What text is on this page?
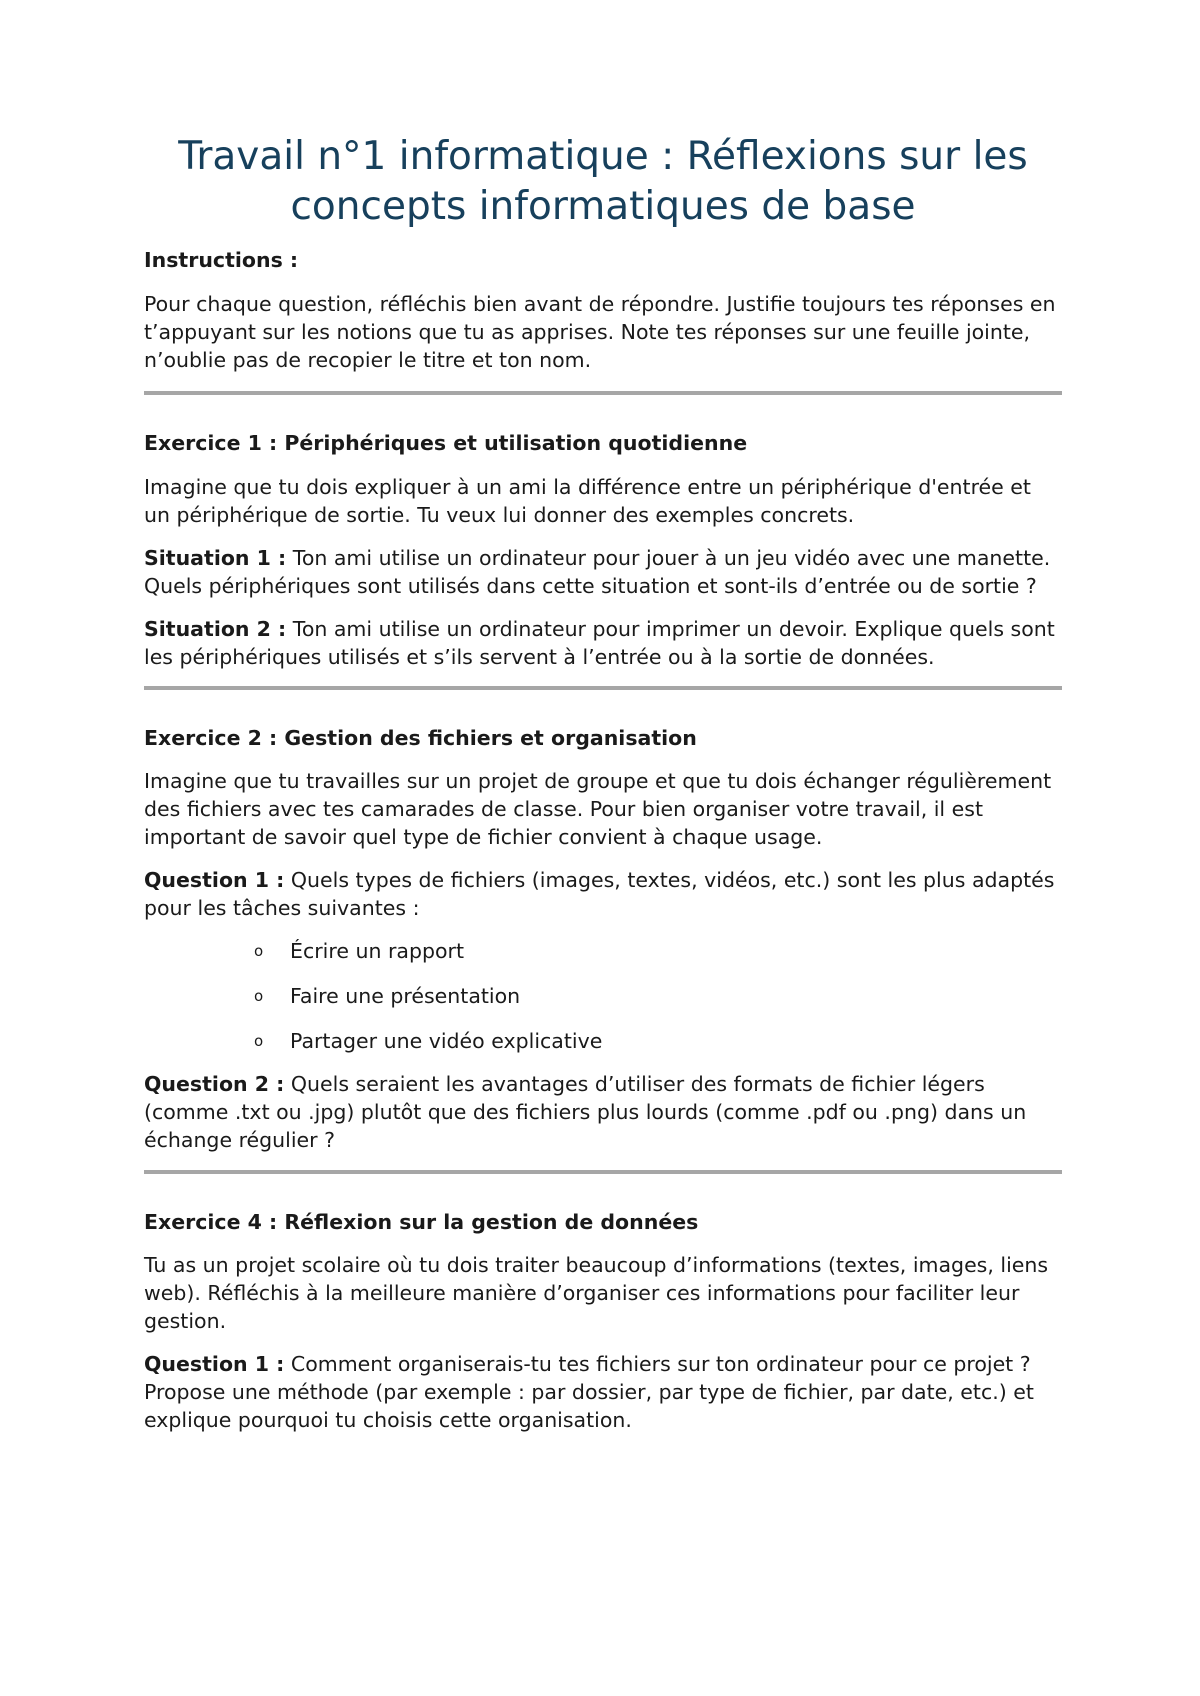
Travail n°1 informatique : Réflexions sur les concepts informatiques de base

Instructions :

Pour chaque question, réfléchis bien avant de répondre. Justifie toujours tes réponses en t’appuyant sur les notions que tu as apprises. Note tes réponses sur une feuille jointe, n’oublie pas de recopier le titre et ton nom.

Exercice 1 : Périphériques et utilisation quotidienne

Imagine que tu dois expliquer à un ami la différence entre un périphérique d'entrée et un périphérique de sortie. Tu veux lui donner des exemples concrets.

Situation 1 : Ton ami utilise un ordinateur pour jouer à un jeu vidéo avec une manette. Quels périphériques sont utilisés dans cette situation et sont-ils d’entrée ou de sortie ?

Situation 2 : Ton ami utilise un ordinateur pour imprimer un devoir. Explique quels sont les périphériques utilisés et s’ils servent à l’entrée ou à la sortie de données.

Exercice 2 : Gestion des fichiers et organisation

Imagine que tu travailles sur un projet de groupe et que tu dois échanger régulièrement des fichiers avec tes camarades de classe. Pour bien organiser votre travail, il est important de savoir quel type de fichier convient à chaque usage.

Question 1 : Quels types de fichiers (images, textes, vidéos, etc.) sont les plus adaptés pour les tâches suivantes :

o Écrire un rapport
o Faire une présentation
o Partager une vidéo explicative

Question 2 : Quels seraient les avantages d’utiliser des formats de fichier légers (comme .txt ou .jpg) plutôt que des fichiers plus lourds (comme .pdf ou .png) dans un échange régulier ?

Exercice 4 : Réflexion sur la gestion de données

Tu as un projet scolaire où tu dois traiter beaucoup d’informations (textes, images, liens web). Réfléchis à la meilleure manière d’organiser ces informations pour faciliter leur gestion.

Question 1 : Comment organiserais-tu tes fichiers sur ton ordinateur pour ce projet ? Propose une méthode (par exemple : par dossier, par type de fichier, par date, etc.) et explique pourquoi tu choisis cette organisation.
